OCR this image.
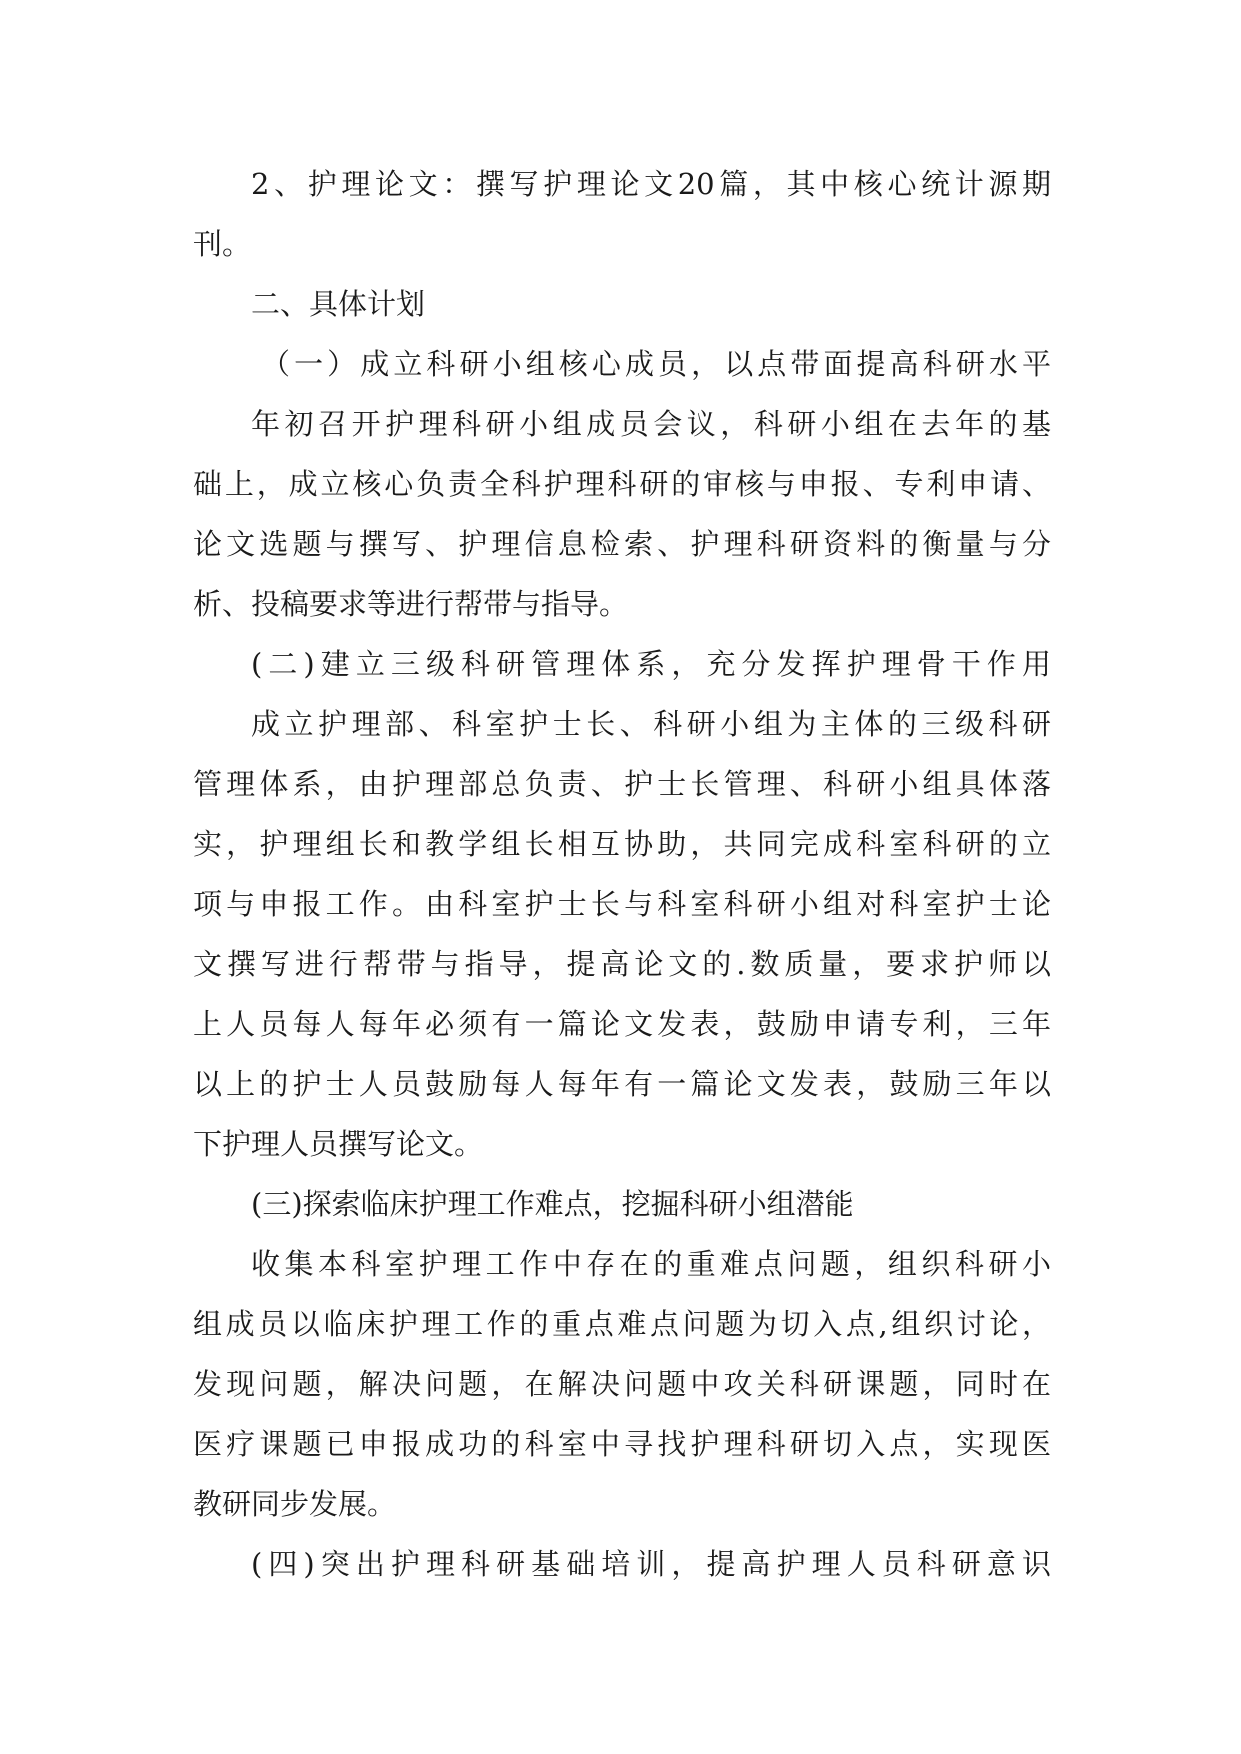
2、护理论文：撰写护理论文20篇，其中核心统计源期
刊。
二、具体计划
（一）成立科研小组核心成员，以点带面提高科研水平
年初召开护理科研小组成员会议，科研小组在去年的基
础上，成立核心负责全科护理科研的审核与申报、专利申请、
论文选题与撰写、护理信息检索、护理科研资料的衡量与分
析、投稿要求等进行帮带与指导。
(二)建立三级科研管理体系，充分发挥护理骨干作用
成立护理部、科室护士长、科研小组为主体的三级科研
管理体系，由护理部总负责、护士长管理、科研小组具体落
实，护理组长和教学组长相互协助，共同完成科室科研的立
项与申报工作。由科室护士长与科室科研小组对科室护士论
文撰写进行帮带与指导，提高论文的.数质量，要求护师以
上人员每人每年必须有一篇论文发表，鼓励申请专利，三年
以上的护士人员鼓励每人每年有一篇论文发表，鼓励三年以
下护理人员撰写论文。
(三)探索临床护理工作难点，挖掘科研小组潜能
收集本科室护理工作中存在的重难点问题，组织科研小
组成员以临床护理工作的重点难点问题为切入点,组织讨论，
发现问题，解决问题，在解决问题中攻关科研课题，同时在
医疗课题已申报成功的科室中寻找护理科研切入点，实现医
教研同步发展。
(四)突出护理科研基础培训，提高护理人员科研意识
